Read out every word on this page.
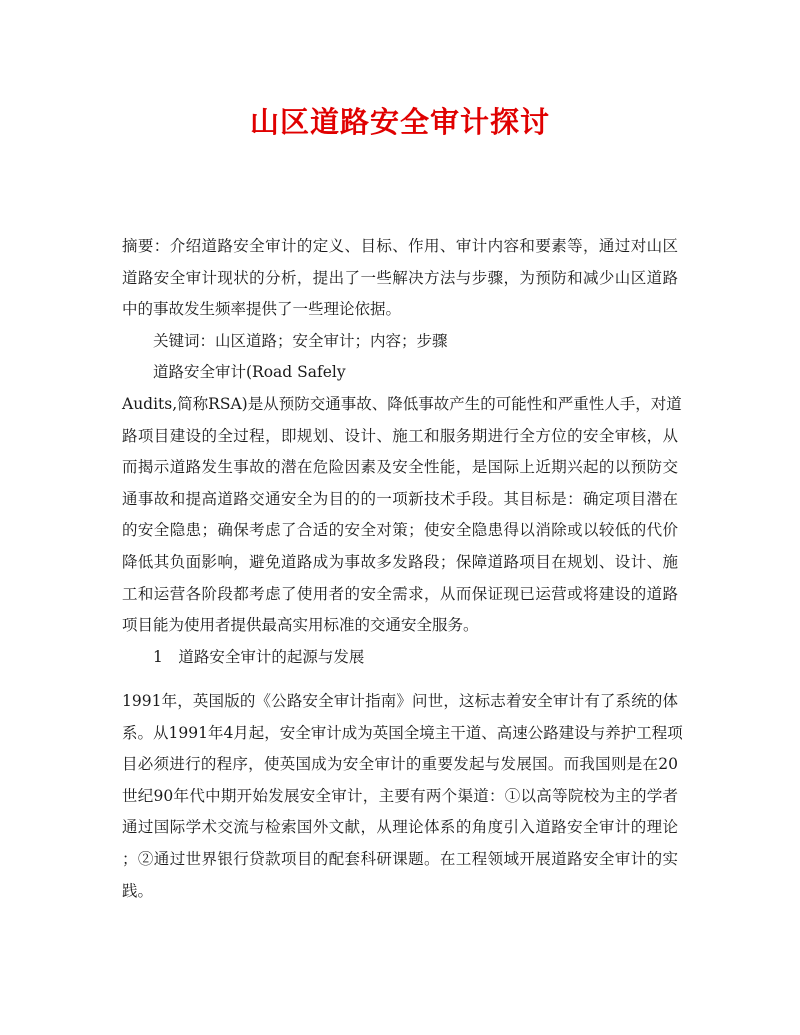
山区道路安全审计探讨
摘要：介绍道路安全审计的定义、目标、作用、审计内容和要素等，通过对山区
道路安全审计现状的分析，提出了一些解决方法与步骤，为预防和减少山区道路
中的事故发生频率提供了一些理论依据。
关键词：山区道路；安全审计；内容；步骤
道路安全审计(Road Safely
Audits,简称RSA)是从预防交通事故、降低事故产生的可能性和严重性人手，对道
路项目建设的全过程，即规划、设计、施工和服务期进行全方位的安全审核，从
而揭示道路发生事故的潜在危险因素及安全性能，是国际上近期兴起的以预防交
通事故和提高道路交通安全为目的的一项新技术手段。其目标是：确定项目潜在
的安全隐患；确保考虑了合适的安全对策；使安全隐患得以消除或以较低的代价
降低其负面影响，避免道路成为事故多发路段；保障道路项目在规划、设计、施
工和运营各阶段都考虑了使用者的安全需求，从而保证现已运营或将建设的道路
项目能为使用者提供最高实用标准的交通安全服务。
1　道路安全审计的起源与发展
1991年，英国版的《公路安全审计指南》问世，这标志着安全审计有了系统的体
系。从1991年4月起，安全审计成为英国全境主干道、高速公路建设与养护工程项
目必须进行的程序，使英国成为安全审计的重要发起与发展国。而我国则是在20
世纪90年代中期开始发展安全审计，主要有两个渠道：①以高等院校为主的学者
通过国际学术交流与检索国外文献，从理论体系的角度引入道路安全审计的理论
；②通过世界银行贷款项目的配套科研课题。在工程领域开展道路安全审计的实
践。
